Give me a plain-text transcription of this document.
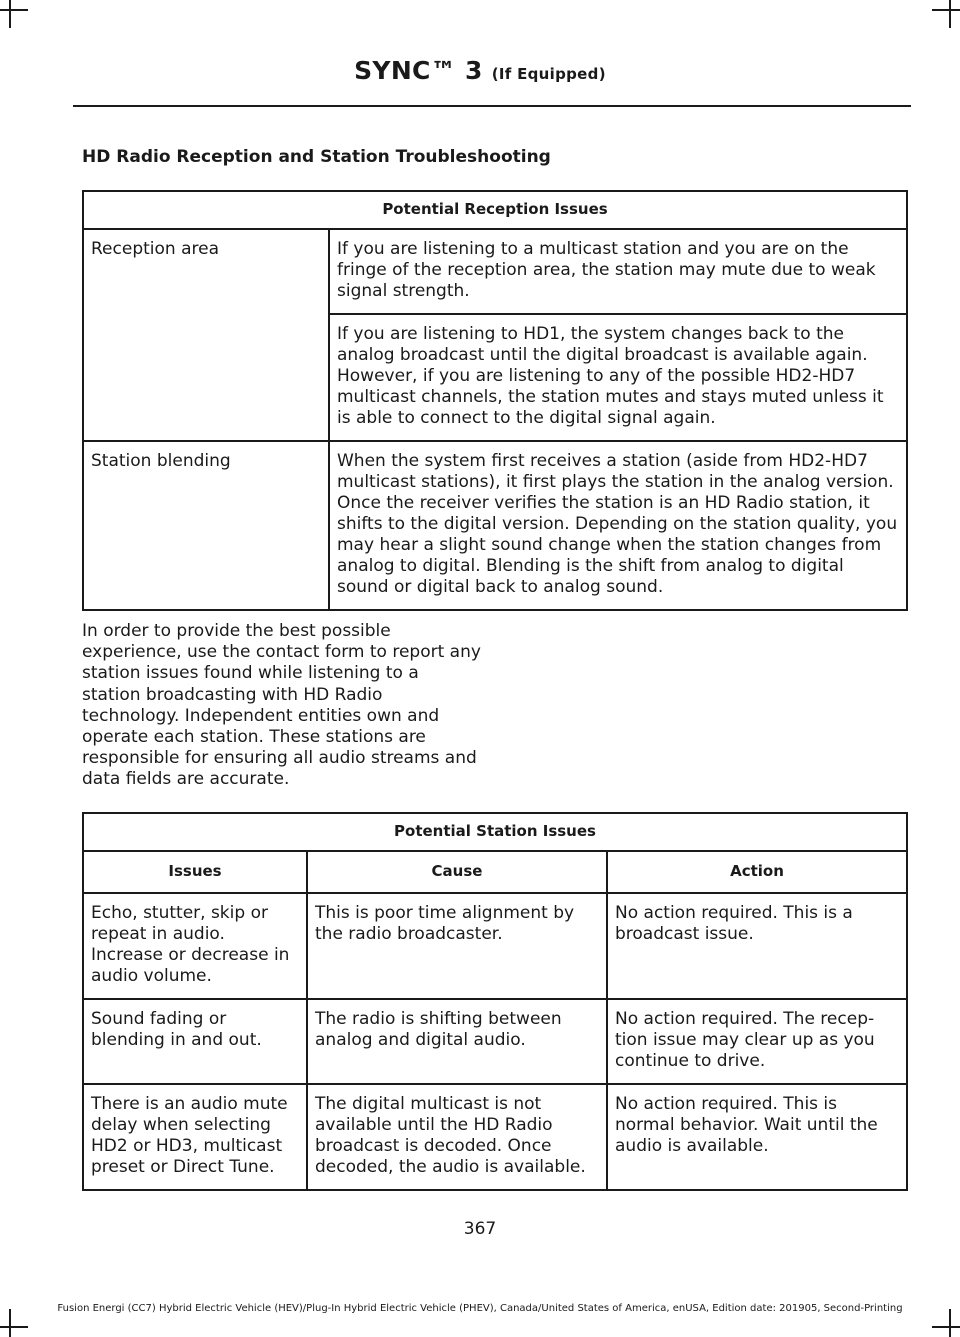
SYNC™ 3 (If Equipped)
HD Radio Reception and Station Troubleshooting
Potential Reception Issues	
Reception area	If you are listening to a multicast station and you are on the fringe of the reception area, the station may mute due to weak signal strength.
	If you are listening to HD1, the system changes back to the analog broadcast until the digital broadcast is available again. However, if you are listening to any of the possible HD2-HD7 multicast channels, the station mutes and stays muted unless it is able to connect to the digital signal again.
Station blending	When the system first receives a station (aside from HD2-HD7 multicast stations), it first plays the station in the analog version. Once the receiver verifies the station is an HD Radio station, it shifts to the digital version. Depending on the station quality, you may hear a slight sound change when the station changes from analog to digital. Blending is the shift from analog to digital sound or digital back to analog sound.
In order to provide the best possible experience, use the contact form to report any station issues found while listening to a station broadcasting with HD Radio technology. Independent entities own and operate each station. These stations are responsible for ensuring all audio streams and data fields are accurate.
Potential Station Issues		
Issues	Cause	Action
Echo, stutter, skip or repeat in audio. Increase or decrease in audio volume.	This is poor time alignment by the radio broadcaster.	No action required. This is a broadcast issue.
Sound fading or blending in and out.	The radio is shifting between analog and digital audio.	No action required. The recep-tion issue may clear up as you continue to drive.
There is an audio mute delay when selecting HD2 or HD3, multicast preset or Direct Tune.	The digital multicast is not available until the HD Radio broadcast is decoded. Once decoded, the audio is available.	No action required. This is normal behavior. Wait until the audio is available.
367
Fusion Energi (CC7) Hybrid Electric Vehicle (HEV)/Plug-In Hybrid Electric Vehicle (PHEV), Canada/United States of America, enUSA, Edition date: 201905, Second-Printing
